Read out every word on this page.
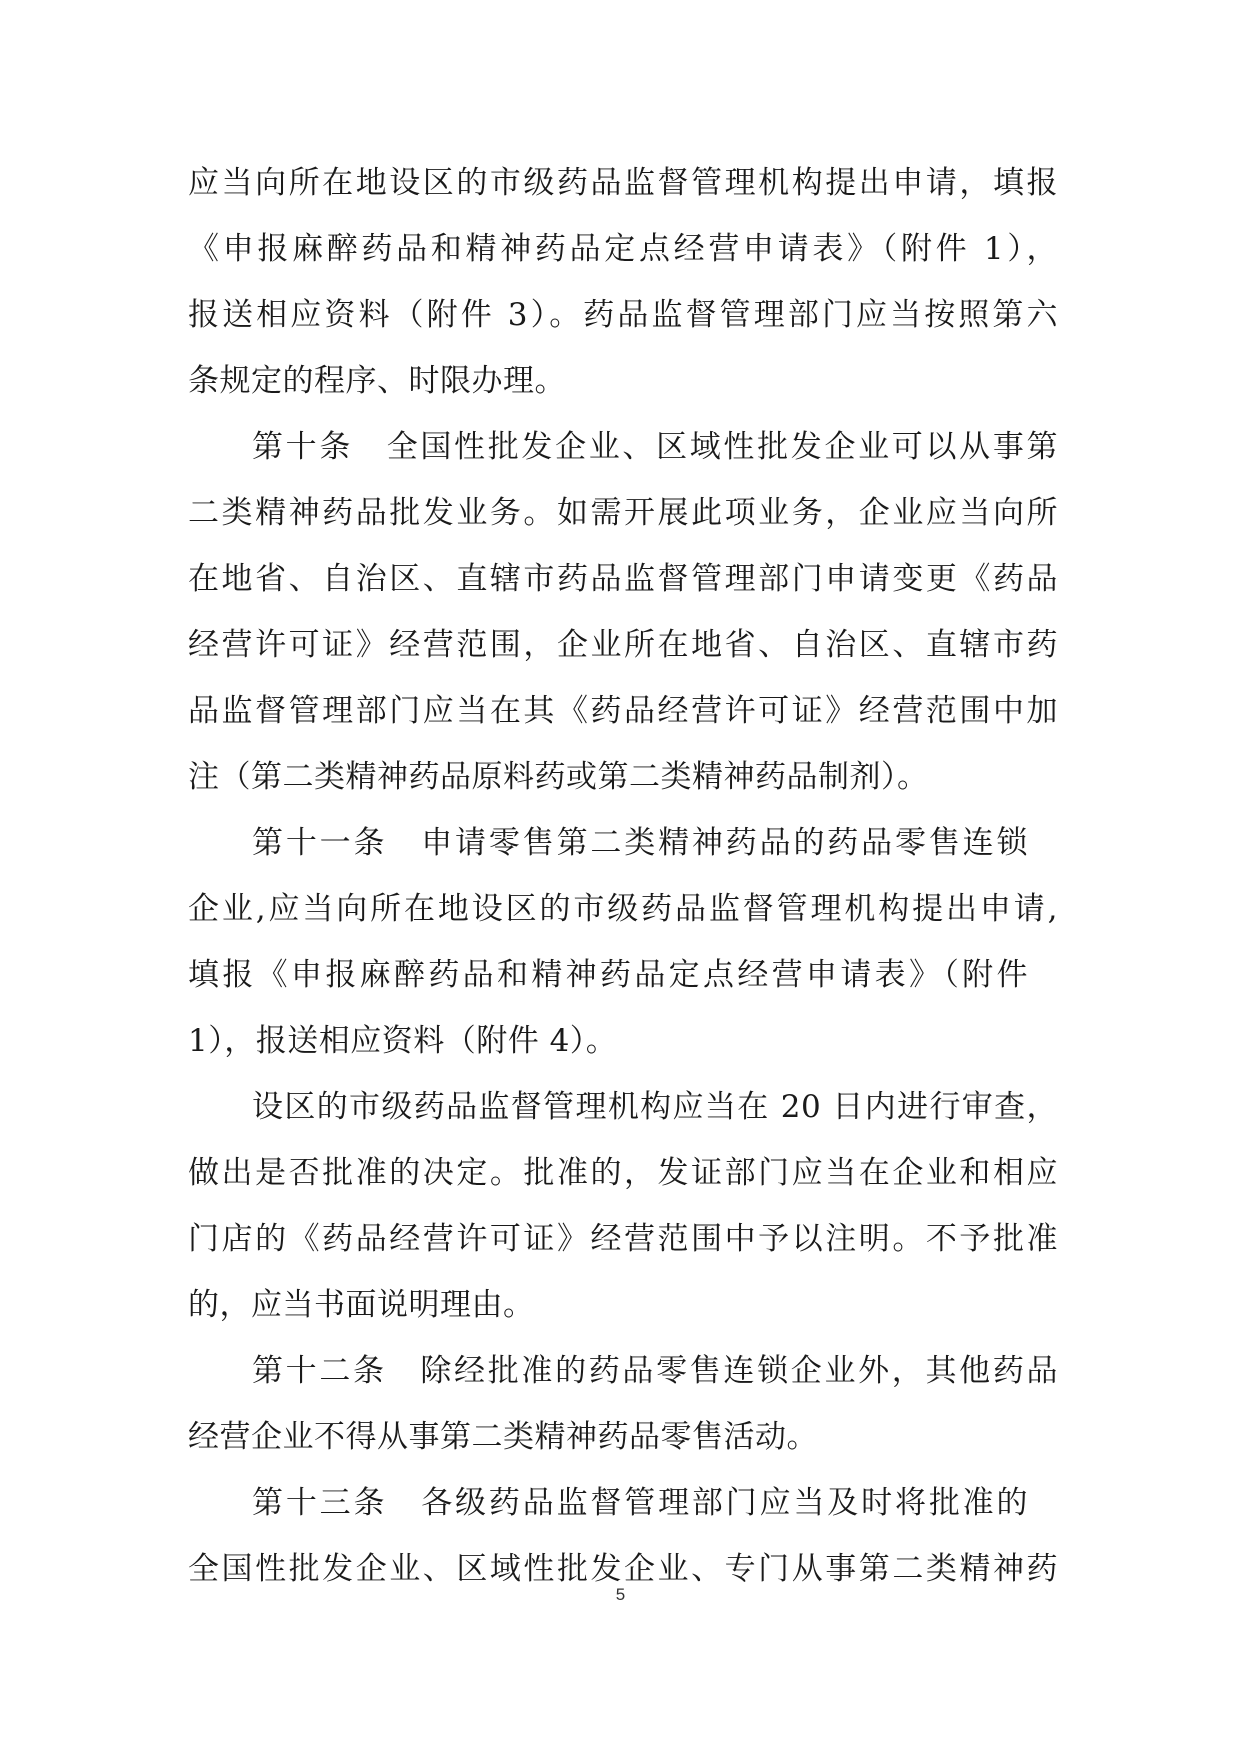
应当向所在地设区的市级药品监督管理机构提出申请，填报
《申报麻醉药品和精神药品定点经营申请表》（附件 1），
报送相应资料（附件 3）。药品监督管理部门应当按照第六
条规定的程序、时限办理。
第十条　全国性批发企业、区域性批发企业可以从事第
二类精神药品批发业务。如需开展此项业务，企业应当向所
在地省、自治区、直辖市药品监督管理部门申请变更《药品
经营许可证》经营范围，企业所在地省、自治区、直辖市药
品监督管理部门应当在其《药品经营许可证》经营范围中加
注（第二类精神药品原料药或第二类精神药品制剂）。
第十一条　申请零售第二类精神药品的药品零售连锁
企业,应当向所在地设区的市级药品监督管理机构提出申请,
填报《申报麻醉药品和精神药品定点经营申请表》（附件
1），报送相应资料（附件 4）。
设区的市级药品监督管理机构应当在 20 日内进行审查，
做出是否批准的决定。批准的，发证部门应当在企业和相应
门店的《药品经营许可证》经营范围中予以注明。不予批准
的，应当书面说明理由。
第十二条　除经批准的药品零售连锁企业外，其他药品
经营企业不得从事第二类精神药品零售活动。
第十三条　各级药品监督管理部门应当及时将批准的
全国性批发企业、区域性批发企业、专门从事第二类精神药
5
